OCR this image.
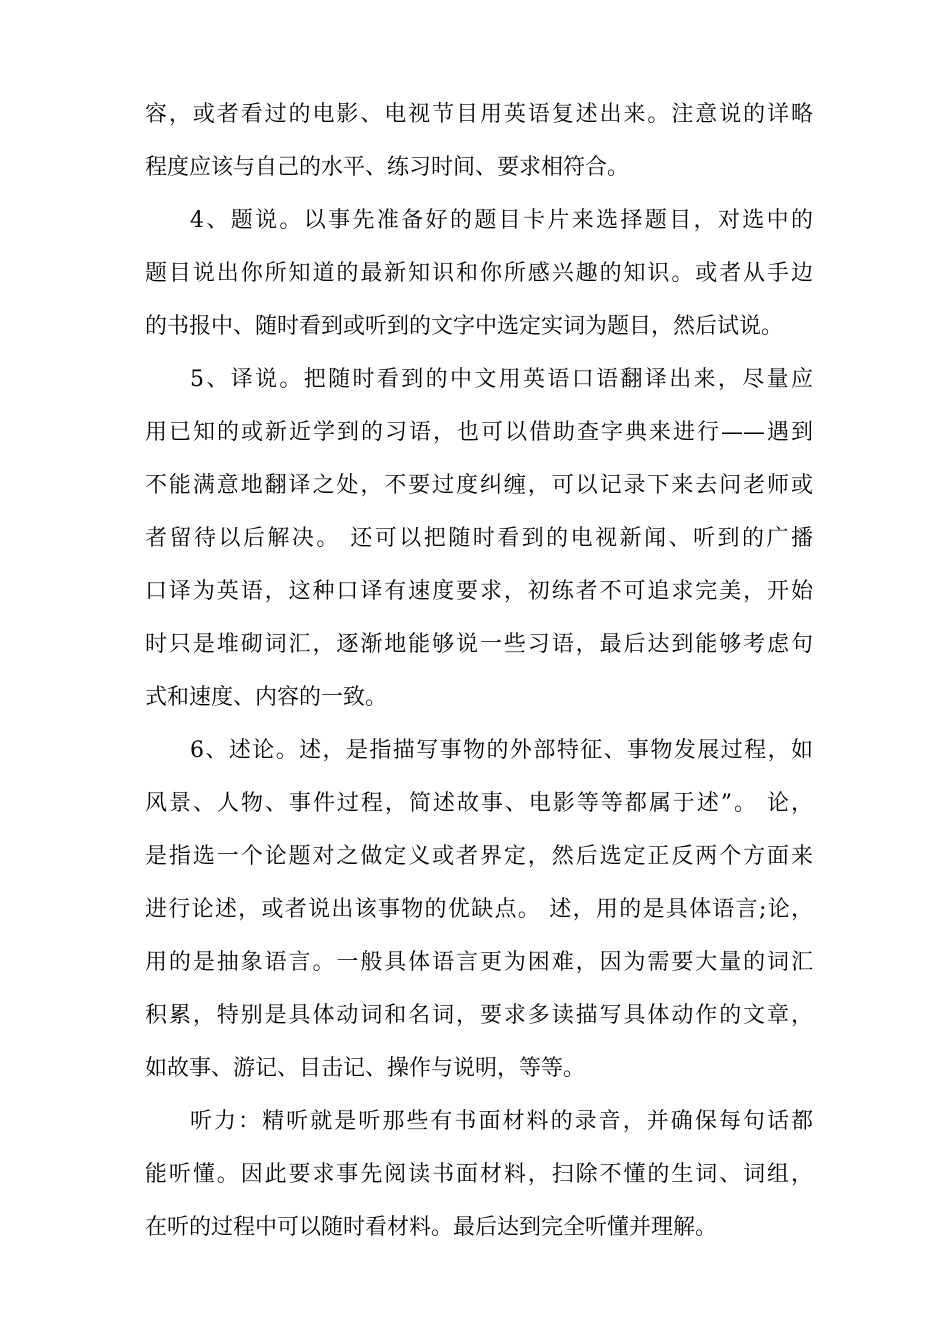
容，或者看过的电影、电视节目用英语复述出来。注意说的详略
程度应该与自己的水平、练习时间、要求相符合。
4、题说。以事先准备好的题目卡片来选择题目，对选中的
题目说出你所知道的最新知识和你所感兴趣的知识。或者从手边
的书报中、随时看到或听到的文字中选定实词为题目，然后试说。
5、译说。把随时看到的中文用英语口语翻译出来，尽量应
用已知的或新近学到的习语，也可以借助查字典来进行——遇到
不能满意地翻译之处，不要过度纠缠，可以记录下来去问老师或
者留待以后解决。 还可以把随时看到的电视新闻、听到的广播
口译为英语，这种口译有速度要求，初练者不可追求完美，开始
时只是堆砌词汇，逐渐地能够说一些习语，最后达到能够考虑句
式和速度、内容的一致。
6、述论。述，是指描写事物的外部特征、事物发展过程，如
风景、人物、事件过程，简述故事、电影等等都属于述”。 论，
是指选一个论题对之做定义或者界定，然后选定正反两个方面来
进行论述，或者说出该事物的优缺点。 述，用的是具体语言;论，
用的是抽象语言。一般具体语言更为困难，因为需要大量的词汇
积累，特别是具体动词和名词，要求多读描写具体动作的文章，
如故事、游记、目击记、操作与说明，等等。
听力：精听就是听那些有书面材料的录音，并确保每句话都
能听懂。因此要求事先阅读书面材料，扫除不懂的生词、词组，
在听的过程中可以随时看材料。最后达到完全听懂并理解。
